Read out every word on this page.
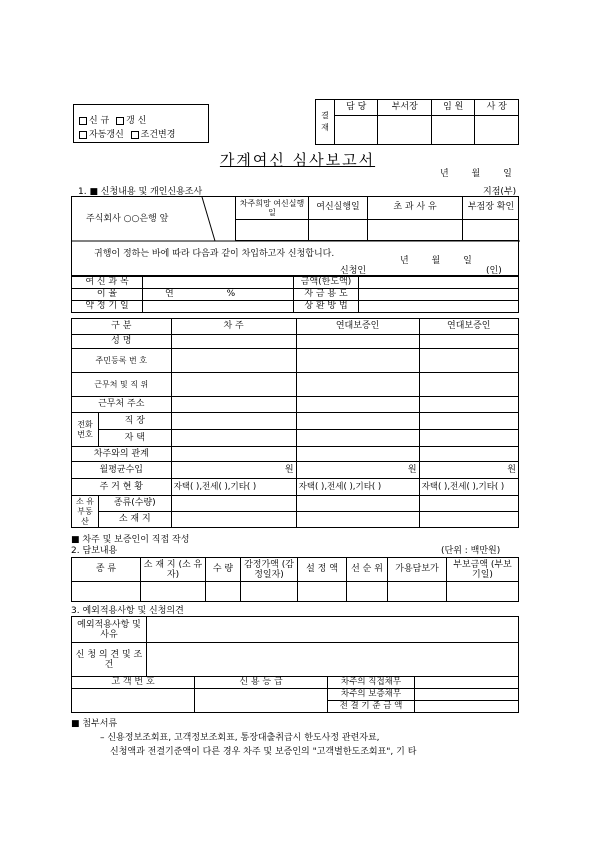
신 규 갱 신
자동갱신 조건변경
결 재	담 당	부서장	임 원	사 장

가계여신 심사보고서
년 월 일
1. ■ 신청내용 및 개인신용조사	지점(부)
주식회사 ○○은행 앞
차주희망 여신실행일	여신실행일	초 과 사 유	부점장 확인

귀행이 정하는 바에 따라 다음과 같이 차입하고자 신청합니다.
년 월 일
신청인	(인)
여 신 과 목		금액(한도액)	
이 율	연 %	자 금 용 도	
약 정 기 일		상 환 방 법	
구 분		차 주	연대보증인	연대보증인
성 명				
주민등록 번 호				
근무처 및 직 위				
근무처 주소				
전화 번호	직 장			
	자 택			
차주와의 관계				
월평균수입		원	원	원
주 거 현 황		자택( ),전세( ),기타( )	자택( ),전세( ),기타( )	자택( ),전세( ),기타( )
소 유 부동산	종류(수량)			
	소 재 지			
■ 차주 및 보증인이 직접 작성
2. 담보내용	(단위 : 백만원)
종 류	소 재 지 (소 유 자)	수 량	감정가액 (감정일자)	설 정 액	선 순 위	가용담보가	부보금액 (부보기일)

3. 예외적용사항 및 신청의견
예외적용사항 및 사유	
신 청 의 견 및 조 건	
고 객 번 호	신 용 등 급	차주의 직접채무	
		차주의 보증채무	
		전 결 기 준 금 액	
■ 첨부서류
– 신용정보조회표, 고객정보조회표, 통장대출취급시 한도사정 관련자료,
신청액과 전결기준액이 다른 경우 차주 및 보증인의 "고객별한도조회표", 기 타
